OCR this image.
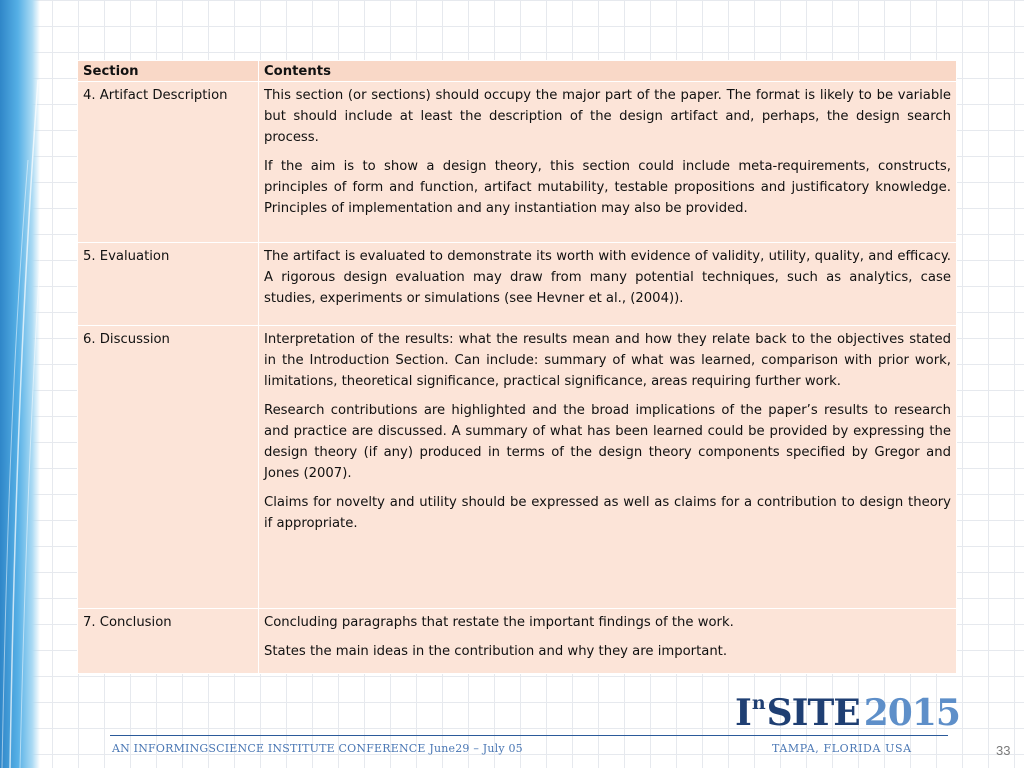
Section	Contents
4. Artifact Description	This section (or sections) should occupy the major part of the paper. The format is likely to be variable but should include at least the description of the design artifact and, perhaps, the design search process.

If the aim is to show a design theory, this section could include meta-requirements, constructs, principles of form and function, artifact mutability, testable propositions and justificatory knowledge. Principles of implementation and any instantiation may also be provided.

5. Evaluation	The artifact is evaluated to demonstrate its worth with evidence of validity, utility, quality, and efficacy. A rigorous design evaluation may draw from many potential techniques, such as analytics, case studies, experiments or simulations (see Hevner et al., (2004)).

6. Discussion	Interpretation of the results: what the results mean and how they relate back to the objectives stated in the Introduction Section. Can include: summary of what was learned, comparison with prior work, limitations, theoretical significance, practical significance, areas requiring further work.

Research contributions are highlighted and the broad implications of the paper’s results to research and practice are discussed. A summary of what has been learned could be provided by expressing the design theory (if any) produced in terms of the design theory components specified by Gregor and Jones (2007).

Claims for novelty and utility should be expressed as well as claims for a contribution to design theory if appropriate.

7. Conclusion	Concluding paragraphs that restate the important findings of the work.

States the main ideas in the contribution and why they are important.

InSITE 2015
AN INFORMINGSCIENCE INSTITUTE CONFERENCE June29 – July 05	TAMPA, FLORIDA USA	33
